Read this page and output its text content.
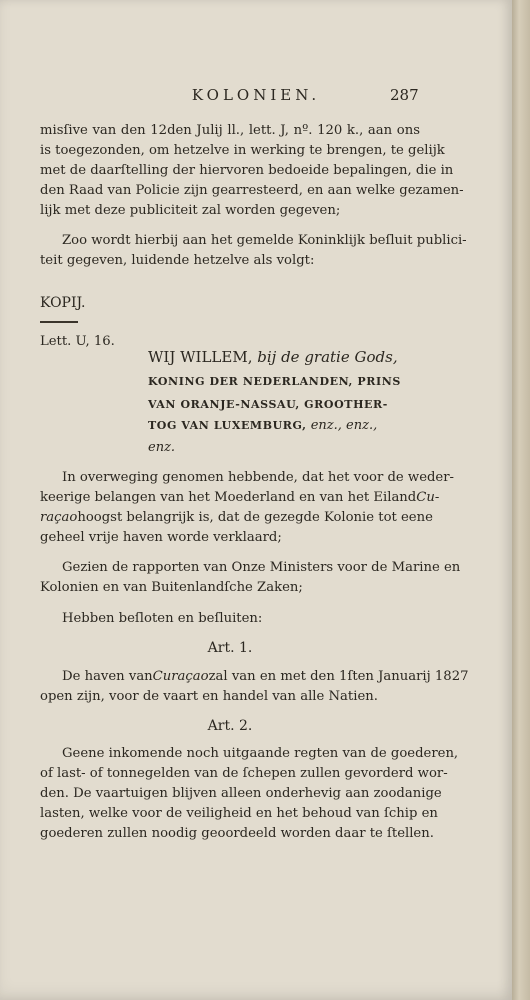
KOLONIEN.	287
misſive van den 12den Julij ll., lett. J, nº. 120 k., aan ons
is toegezonden, om hetzelve in werking te brengen, te gelijk
met de daarſtelling der hiervoren bedoeide bepalingen, die in
den Raad van Policie zijn gearresteerd, en aan welke gezamen-
lijk met deze publiciteit zal worden gegeven;
Zoo wordt hierbij aan het gemelde Koninklijk beſluit publici-
teit gegeven, luidende hetzelve als volgt:
KOPIJ.
Lett. U, 16.
WIJ WILLEM, bij de gratie Gods,
KONING DER NEDERLANDEN, PRINS
VAN ORANJE-NASSAU, GROOTHER-
TOG VAN LUXEMBURG, enz., enz.,
enz.
In overweging genomen hebbende, dat het voor de weder-
keerige belangen van het Moederland en van het Eiland Cu-
raçao hoogst belangrijk is, dat de gezegde Kolonie tot eene
geheel vrije haven worde verklaard;
Gezien de rapporten van Onze Ministers voor de Marine en
Kolonien en van Buitenlandſche Zaken;
Hebben beſloten en beſluiten:
Art. 1.
De haven van Curaçao zal van en met den 1ſten Januarij 1827
open zijn, voor de vaart en handel van alle Natien.
Art. 2.
Geene inkomende noch uitgaande regten van de goederen,
of last- of tonnegelden van de ſchepen zullen gevorderd wor-
den. De vaartuigen blijven alleen onderhevig aan zoodanige
lasten, welke voor de veiligheid en het behoud van ſchip en
goederen zullen noodig geoordeeld worden daar te ſtellen.
